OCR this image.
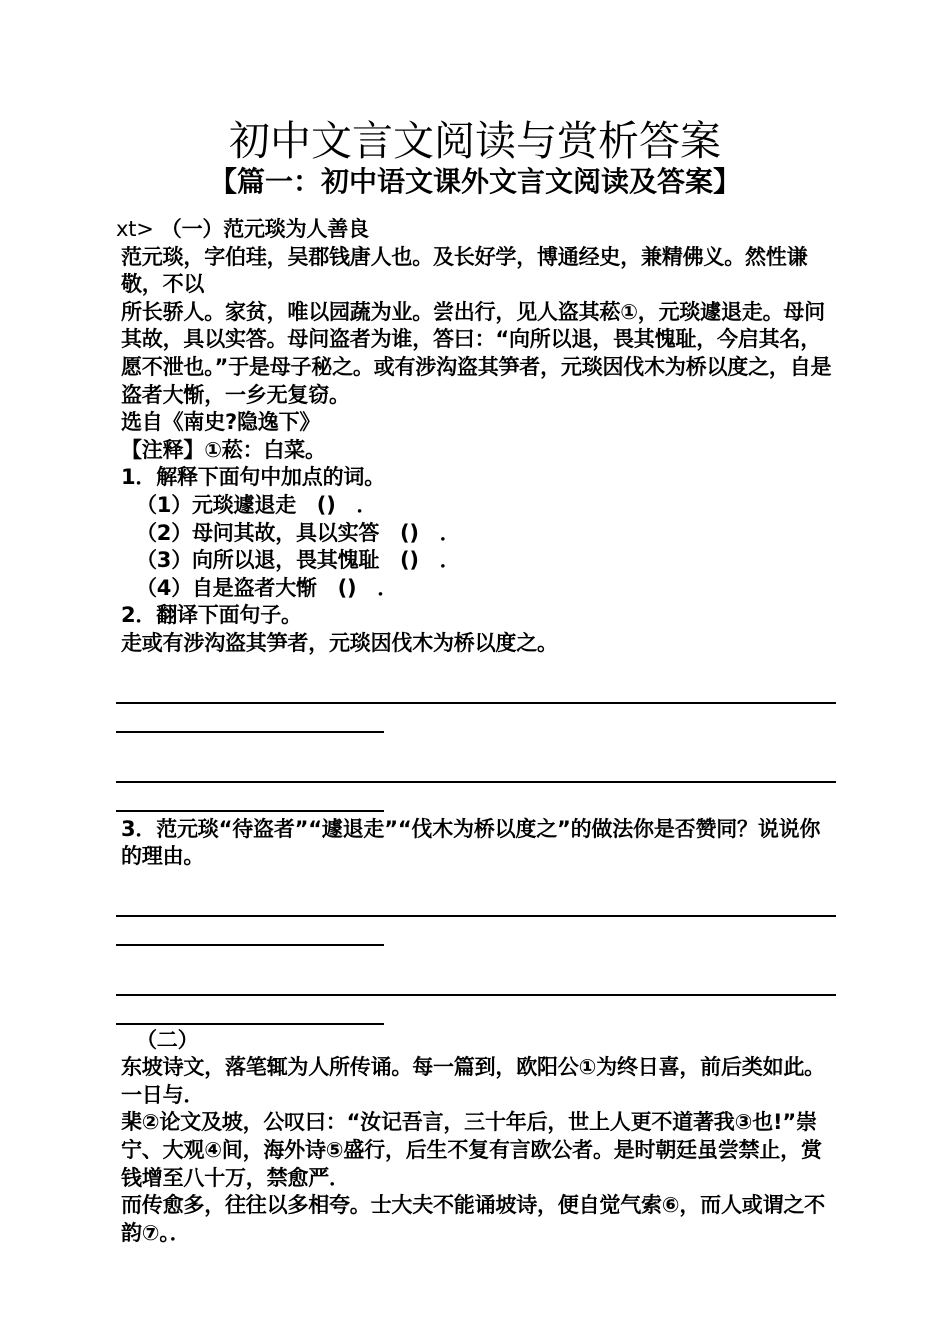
初中文言文阅读与赏析答案
【篇一：初中语文课外文言文阅读及答案】

xt> （一）范元琰为人善良

范元琰，字伯珪，吴郡钱唐人也。及长好学，博通经史，兼精佛义。然性谦敬，不以

所长骄人。家贫，唯以园蔬为业。尝出行，见人盗其菘①，元琰遽退走。母问其故，具以实答。母问盗者为谁，答曰：“向所以退，畏其愧耻，今启其名，愿不泄也。”于是母子秘之。或有涉沟盗其笋者，元琰因伐木为桥以度之，自是盗者大惭，一乡无复窃。

选自《南史?隐逸下》

【注释】①菘：白菜。

1．解释下面句中加点的词。

（1）元琰遽退走　()　．

（2）母问其故，具以实答　()　．

（3）向所以退，畏其愧耻　()　．

（4）自是盗者大惭　()　．

2．翻译下面句子。

走或有涉沟盗其笋者，元琰因伐木为桥以度之。

3．范元琰“待盗者”“遽退走”“伐木为桥以度之”的做法你是否赞同？说说你的理由。

（二）

东坡诗文，落笔辄为人所传诵。每一篇到，欧阳公①为终日喜，前后类如此。一日与．

棐②论文及坡，公叹曰：“汝记吾言，三十年后，世上人更不道著我③也!”崇宁、大观④间，海外诗⑤盛行，后生不复有言欧公者。是时朝廷虽尝禁止，赏钱增至八十万，禁愈严．

而传愈多，往往以多相夸。士大夫不能诵坡诗，便自觉气索⑥，而人或谓之不韵⑦。．
